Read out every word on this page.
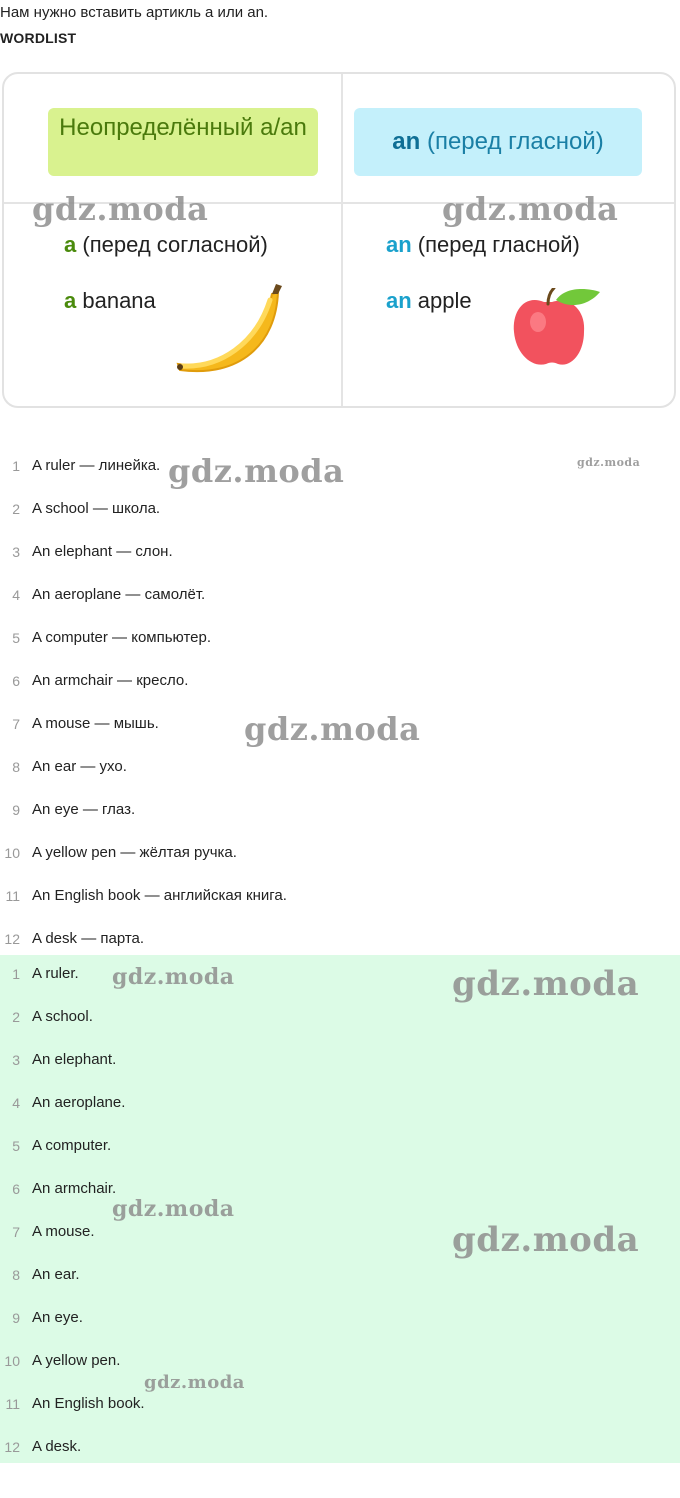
Нам нужно вставить артикль a или an.
WORDLIST
Неопределённый a/an
an (перед гласной)
a (перед согласной)	an (перед гласной)
a banana	an apple
gdz.moda	gdz.moda
1 A ruler — линейка.
2 A school — школа.
3 An elephant — слон.
4 An aeroplane — самолёт.
5 A computer — компьютер.
6 An armchair — кресло.
7 A mouse — мышь.
8 An ear — ухо.
9 An eye — глаз.
10 A yellow pen — жёлтая ручка.
11 An English book — английская книга.
12 A desk — парта.
1 A ruler.
2 A school.
3 An elephant.
4 An aeroplane.
5 A computer.
6 An armchair.
7 A mouse.
8 An ear.
9 An eye.
10 A yellow pen.
11 An English book.
12 A desk.
gdz.moda	gdz.moda
gdz.moda
gdz.moda	gdz.moda
gdz.moda
gdz.moda
gdz.moda
